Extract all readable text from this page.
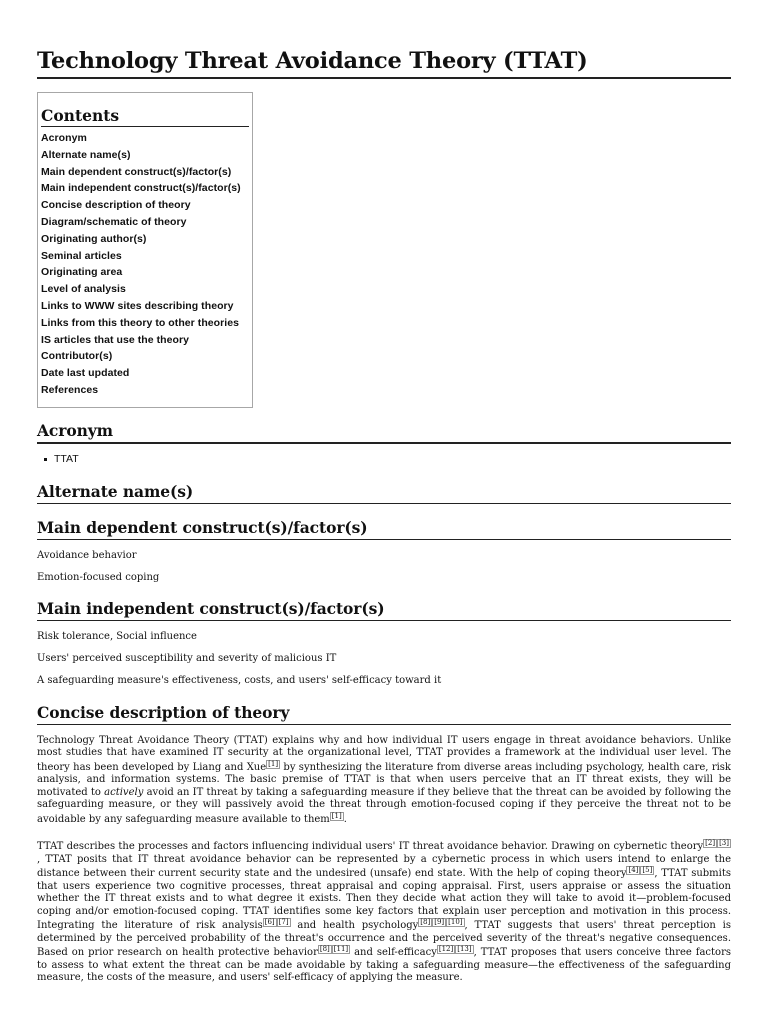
Technology Threat Avoidance Theory (TTAT)
Contents
Acronym
Alternate name(s)
Main dependent construct(s)/factor(s)
Main independent construct(s)/factor(s)
Concise description of theory
Diagram/schematic of theory
Originating author(s)
Seminal articles
Originating area
Level of analysis
Links to WWW sites describing theory
Links from this theory to other theories
IS articles that use the theory
Contributor(s)
Date last updated
References
Acronym
TTAT
Alternate name(s)
Main dependent construct(s)/factor(s)

Avoidance behavior

Emotion-focused coping

Main independent construct(s)/factor(s)

Risk tolerance, Social influence

Users' perceived susceptibility and severity of malicious IT

A safeguarding measure's effectiveness, costs, and users' self-efficacy toward it

Concise description of theory

Technology Threat Avoidance Theory (TTAT) explains why and how individual IT users engage in threat avoidance behaviors. Unlike most studies that have examined IT security at the organizational level, TTAT provides a framework at the individual user level. The theory has been developed by Liang and Xue [1] by synthesizing the literature from diverse areas including psychology, health care, risk analysis, and information systems. The basic premise of TTAT is that when users perceive that an IT threat exists, they will be motivated to actively avoid an IT threat by taking a safeguarding measure if they believe that the threat can be avoided by following the safeguarding measure, or they will passively avoid the threat through emotion-focused coping if they perceive the threat not to be avoidable by any safeguarding measure available to them [1] .

TTAT describes the processes and factors influencing individual users' IT threat avoidance behavior. Drawing on cybernetic theory [2] [3], TTAT posits that IT threat avoidance behavior can be represented by a cybernetic process in which users intend to enlarge the distance between their current security state and the undesired (unsafe) end state. With the help of coping theory [4] [5] , TTAT submits that users experience two cognitive processes, threat appraisal and coping appraisal. First, users appraise or assess the situation whether the IT threat exists and to what degree it exists. Then they decide what action they will take to avoid it—problem-focused coping and/or emotion-focused coping. TTAT identifies some key factors that explain user perception and motivation in this process. Integrating the literature of risk analysis [6] [7] and health psychology [8] [9] [10] , TTAT suggests that users' threat perception is determined by the perceived probability of the threat's occurrence and the perceived severity of the threat's negative consequences. Based on prior research on health protective behavior [8] [11] and self-efficacy [12] [13] , TTAT proposes that users conceive three factors to assess to what extent the threat can be made avoidable by taking a safeguarding measure—the effectiveness of the safeguarding measure, the costs of the measure, and users' self-efficacy of applying the measure.
